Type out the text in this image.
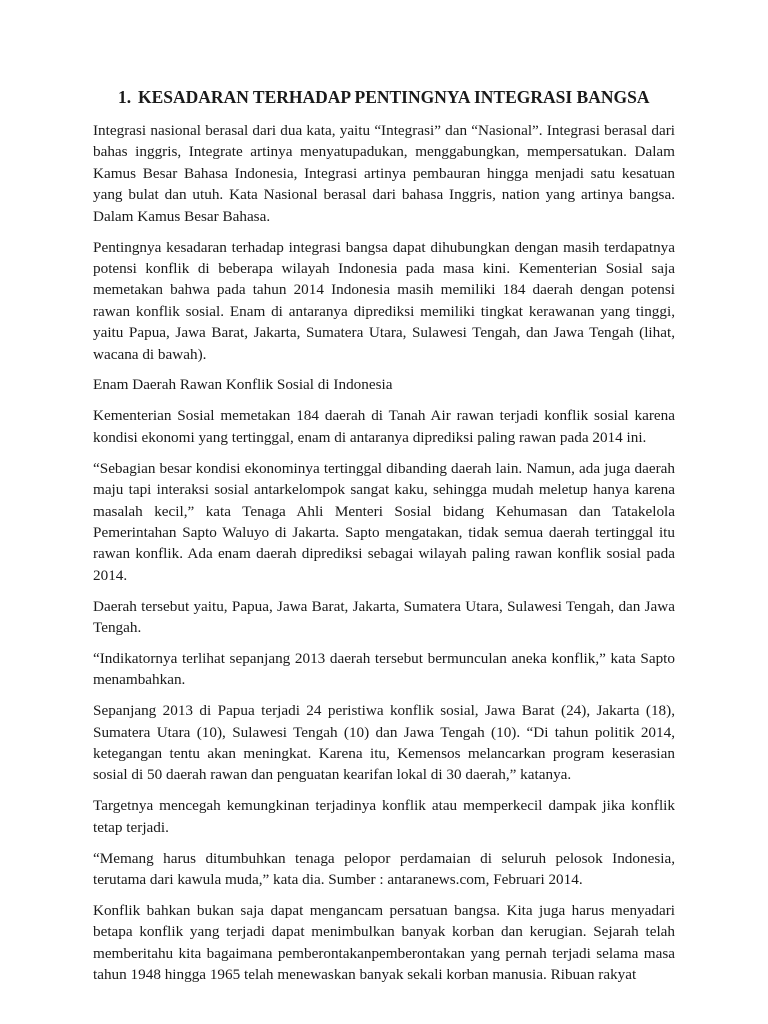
1. KESADARAN TERHADAP PENTINGNYA INTEGRASI BANGSA

Integrasi nasional berasal dari dua kata, yaitu “Integrasi” dan “Nasional”. Integrasi berasal dari bahas inggris, Integrate artinya menyatupadukan, menggabungkan, mempersatukan. Dalam Kamus Besar Bahasa Indonesia, Integrasi artinya pembauran hingga menjadi satu kesatuan yang bulat dan utuh. Kata Nasional berasal dari bahasa Inggris, nation yang artinya bangsa. Dalam Kamus Besar Bahasa.

Pentingnya kesadaran terhadap integrasi bangsa dapat dihubungkan dengan masih terdapatnya potensi konflik di beberapa wilayah Indonesia pada masa kini. Kementerian Sosial saja memetakan bahwa pada tahun 2014 Indonesia masih memiliki 184 daerah dengan potensi rawan konflik sosial. Enam di antaranya diprediksi memiliki tingkat kerawanan yang tinggi, yaitu Papua, Jawa Barat, Jakarta, Sumatera Utara, Sulawesi Tengah, dan Jawa Tengah (lihat, wacana di bawah).

Enam Daerah Rawan Konflik Sosial di Indonesia

Kementerian Sosial memetakan 184 daerah di Tanah Air rawan terjadi konflik sosial karena kondisi ekonomi yang tertinggal, enam di antaranya diprediksi paling rawan pada 2014 ini.

“Sebagian besar kondisi ekonominya tertinggal dibanding daerah lain. Namun, ada juga daerah maju tapi interaksi sosial antarkelompok sangat kaku, sehingga mudah meletup hanya karena masalah kecil,” kata Tenaga Ahli Menteri Sosial bidang Kehumasan dan Tatakelola Pemerintahan Sapto Waluyo di Jakarta. Sapto mengatakan, tidak semua daerah tertinggal itu rawan konflik. Ada enam daerah diprediksi sebagai wilayah paling rawan konflik sosial pada 2014.

Daerah tersebut yaitu, Papua, Jawa Barat, Jakarta, Sumatera Utara, Sulawesi Tengah, dan Jawa Tengah.

“Indikatornya terlihat sepanjang 2013 daerah tersebut bermunculan aneka konflik,” kata Sapto menambahkan.

Sepanjang 2013 di Papua terjadi 24 peristiwa konflik sosial, Jawa Barat (24), Jakarta (18), Sumatera Utara (10), Sulawesi Tengah (10) dan Jawa Tengah (10). “Di tahun politik 2014, ketegangan tentu akan meningkat. Karena itu, Kemensos melancarkan program keserasian sosial di 50 daerah rawan dan penguatan kearifan lokal di 30 daerah,” katanya.

Targetnya mencegah kemungkinan terjadinya konflik atau memperkecil dampak jika konflik tetap terjadi.

“Memang harus ditumbuhkan tenaga pelopor perdamaian di seluruh pelosok Indonesia, terutama dari kawula muda,” kata dia. Sumber : antaranews.com, Februari 2014.

Konflik bahkan bukan saja dapat mengancam persatuan bangsa. Kita juga harus menyadari betapa konflik yang terjadi dapat menimbulkan banyak korban dan kerugian. Sejarah telah memberitahu kita bagaimana pemberontakanpemberontakan yang pernah terjadi selama masa tahun 1948 hingga 1965 telah menewaskan banyak sekali korban manusia. Ribuan rakyat
